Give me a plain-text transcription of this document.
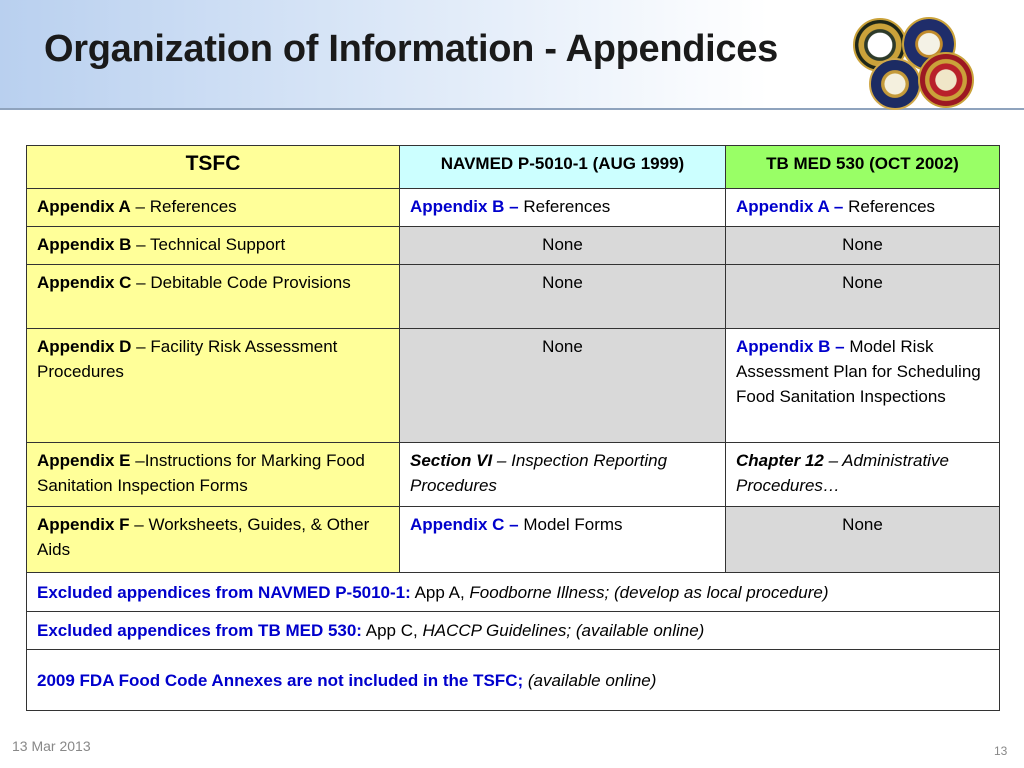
Organization of Information - Appendices
TSFC	NAVMED P-5010-1 (AUG 1999)	TB MED 530 (OCT 2002)
Appendix A – References	Appendix B – References	Appendix A – References
Appendix B – Technical Support	None	None
Appendix C – Debitable Code Provisions	None	None
Appendix D – Facility Risk Assessment Procedures	None	Appendix B – Model Risk Assessment Plan for Scheduling Food Sanitation Inspections
Appendix E –Instructions for Marking Food Sanitation Inspection Forms	Section VI – Inspection Reporting Procedures	Chapter 12 – Administrative Procedures…
Appendix F – Worksheets, Guides, & Other Aids	Appendix C – Model Forms	None
Excluded appendices from NAVMED P-5010-1: App A, Foodborne Illness; (develop as local procedure)		
Excluded appendices from TB MED 530: App C, HACCP Guidelines; (available online)		
2009 FDA Food Code Annexes are not included in the TSFC; (available online)		
13 Mar 2013	13
